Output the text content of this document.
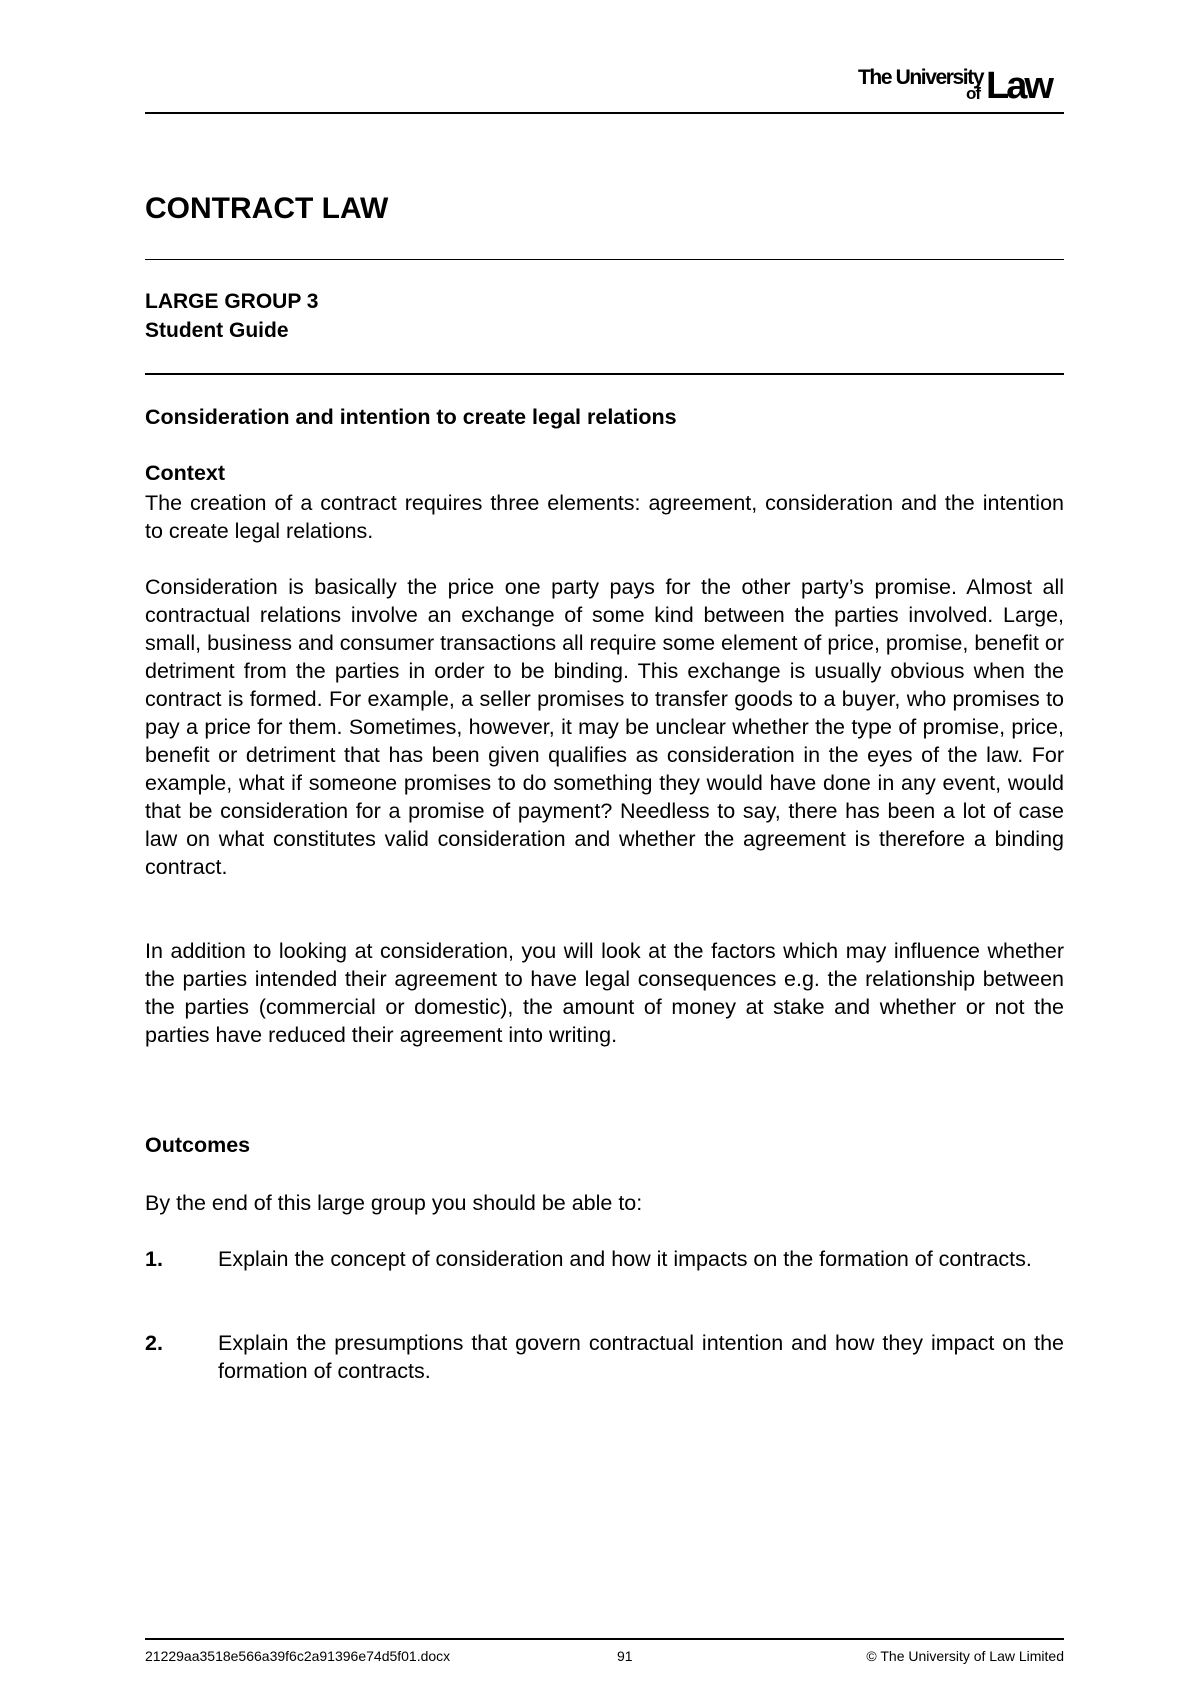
The University
of Law
CONTRACT LAW

LARGE GROUP 3

Student Guide

Consideration and intention to create legal relations

Context

The creation of a contract requires three elements: agreement, consideration and the intention to create legal relations.

Consideration is basically the price one party pays for the other party’s promise. Almost all contractual relations involve an exchange of some kind between the parties involved. Large, small, business and consumer transactions all require some element of price, promise, benefit or detriment from the parties in order to be binding. This exchange is usually obvious when the contract is formed. For example, a seller promises to transfer goods to a buyer, who promises to pay a price for them. Sometimes, however, it may be unclear whether the type of promise, price, benefit or detriment that has been given qualifies as consideration in the eyes of the law. For example, what if someone promises to do something they would have done in any event, would that be consideration for a promise of payment? Needless to say, there has been a lot of case law on what constitutes valid consideration and whether the agreement is therefore a binding contract.

In addition to looking at consideration, you will look at the factors which may influence whether the parties intended their agreement to have legal consequences e.g. the relationship between the parties (commercial or domestic), the amount of money at stake and whether or not the parties have reduced their agreement into writing.

Outcomes

By the end of this large group you should be able to:

1.	Explain the concept of consideration and how it impacts on the formation of contracts.

2.	Explain the presumptions that govern contractual intention and how they impact on the formation of contracts.

21229aa3518e566a39f6c2a91396e74d5f01.docx	91	© The University of Law Limited
